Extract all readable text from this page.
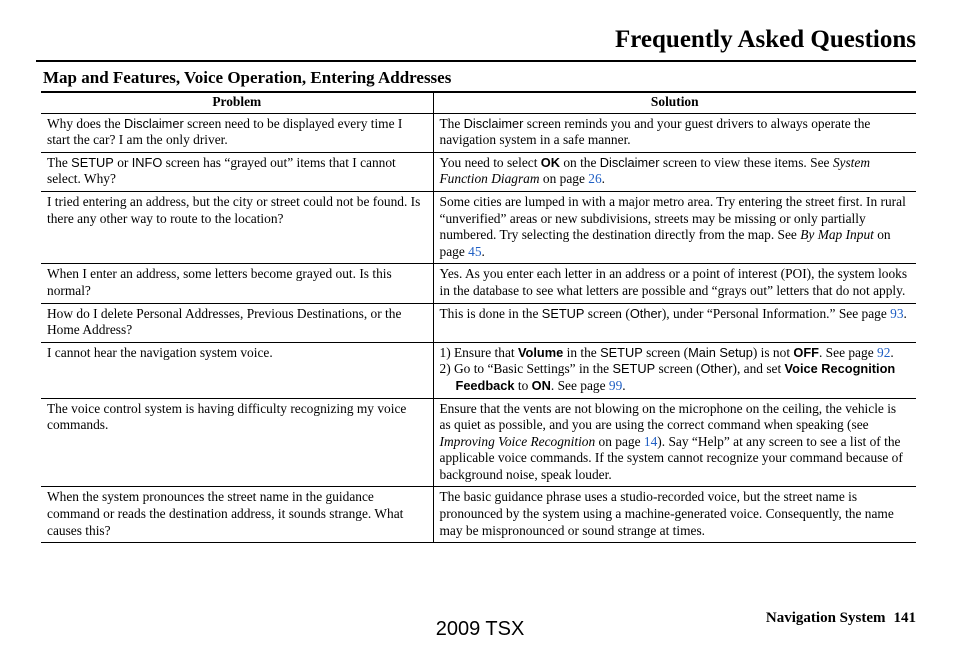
Frequently Asked Questions
Map and Features, Voice Operation, Entering Addresses
Problem	Solution
Why does the Disclaimer screen need to be displayed every time I start the car? I am the only driver.	The Disclaimer screen reminds you and your guest drivers to always operate the navigation system in a safe manner.
The SETUP or INFO screen has “grayed out” items that I cannot select. Why?	You need to select OK on the Disclaimer screen to view these items. See System Function Diagram on page 26.
I tried entering an address, but the city or street could not be found. Is there any other way to route to the location?	Some cities are lumped in with a major metro area. Try entering the street first. In rural “unverified” areas or new subdivisions, streets may be missing or only partially numbered. Try selecting the destination directly from the map. See By Map Input on page 45.
When I enter an address, some letters become grayed out. Is this normal?	Yes. As you enter each letter in an address or a point of interest (POI), the system looks in the database to see what letters are possible and “grays out” letters that do not apply.
How do I delete Personal Addresses, Previous Destinations, or the Home Address?	This is done in the SETUP screen (Other), under “Personal Information.” See page 93.
I cannot hear the navigation system voice.	1) Ensure that Volume in the SETUP screen (Main Setup) is not OFF. See page 92.
2) Go to “Basic Settings” in the SETUP screen (Other), and set Voice Recognition Feedback to ON. See page 99.

The voice control system is having difficulty recognizing my voice commands.	Ensure that the vents are not blowing on the microphone on the ceiling, the vehicle is as quiet as possible, and you are using the correct command when speaking (see Improving Voice Recognition on page 14). Say “Help” at any screen to see a list of the applicable voice commands. If the system cannot recognize your command because of background noise, speak louder.
When the system pronounces the street name in the guidance command or reads the destination address, it sounds strange. What causes this?	The basic guidance phrase uses a studio-recorded voice, but the street name is pronounced by the system using a machine-generated voice. Consequently, the name may be mispronounced or sound strange at times.
Navigation System 141
2009 TSX
